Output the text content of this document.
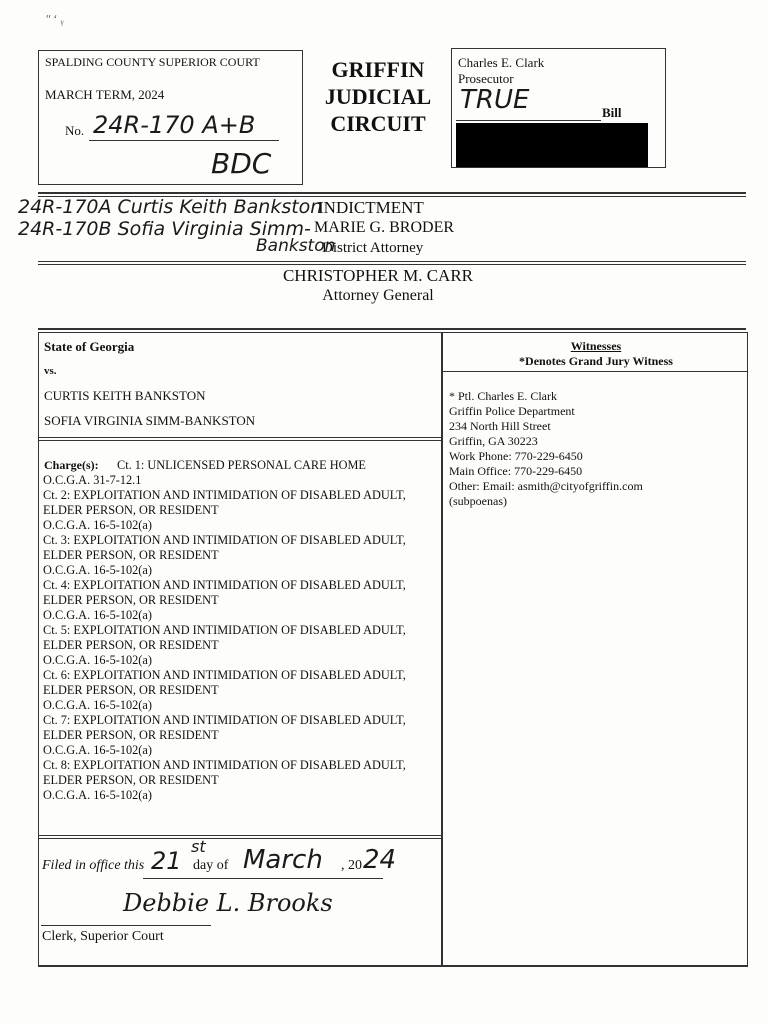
ʺ ʻ ᵧ
SPALDING COUNTY SUPERIOR COURT
MARCH TERM, 2024
No. 24R-170 A+B
BDC
GRIFFIN
JUDICIAL
CIRCUIT
Charles E. Clark
Prosecutor
TRUE	Bill
24R-170A Curtis Keith Bankston
INDICTMENT
24R-170B Sofia Virginia Simm- MARIE G. BRODER
Bankston
District Attorney
CHRISTOPHER M. CARR
Attorney General
State of Georgia
vs.
CURTIS KEITH BANKSTON
SOFIA VIRGINIA SIMM-BANKSTON
Charge(s): Ct. 1: UNLICENSED PERSONAL CARE HOME
O.C.G.A. 31-7-12.1
Ct. 2: EXPLOITATION AND INTIMIDATION OF DISABLED ADULT,
ELDER PERSON, OR RESIDENT
O.C.G.A. 16-5-102(a)
Ct. 3: EXPLOITATION AND INTIMIDATION OF DISABLED ADULT,
ELDER PERSON, OR RESIDENT
O.C.G.A. 16-5-102(a)
Ct. 4: EXPLOITATION AND INTIMIDATION OF DISABLED ADULT,
ELDER PERSON, OR RESIDENT
O.C.G.A. 16-5-102(a)
Ct. 5: EXPLOITATION AND INTIMIDATION OF DISABLED ADULT,
ELDER PERSON, OR RESIDENT
O.C.G.A. 16-5-102(a)
Ct. 6: EXPLOITATION AND INTIMIDATION OF DISABLED ADULT,
ELDER PERSON, OR RESIDENT
O.C.G.A. 16-5-102(a)
Ct. 7: EXPLOITATION AND INTIMIDATION OF DISABLED ADULT,
ELDER PERSON, OR RESIDENT
O.C.G.A. 16-5-102(a)
Ct. 8: EXPLOITATION AND INTIMIDATION OF DISABLED ADULT,
ELDER PERSON, OR RESIDENT
O.C.G.A. 16-5-102(a)
Filed in office this 21
st
day of March , 20 24
Debbie L. Brooks
Clerk, Superior Court
Witnesses
*Denotes Grand Jury Witness
* Ptl. Charles E. Clark
Griffin Police Department
234 North Hill Street
Griffin, GA 30223
Work Phone: 770-229-6450
Main Office: 770-229-6450
Other: Email: asmith@cityofgriffin.com
(subpoenas)
